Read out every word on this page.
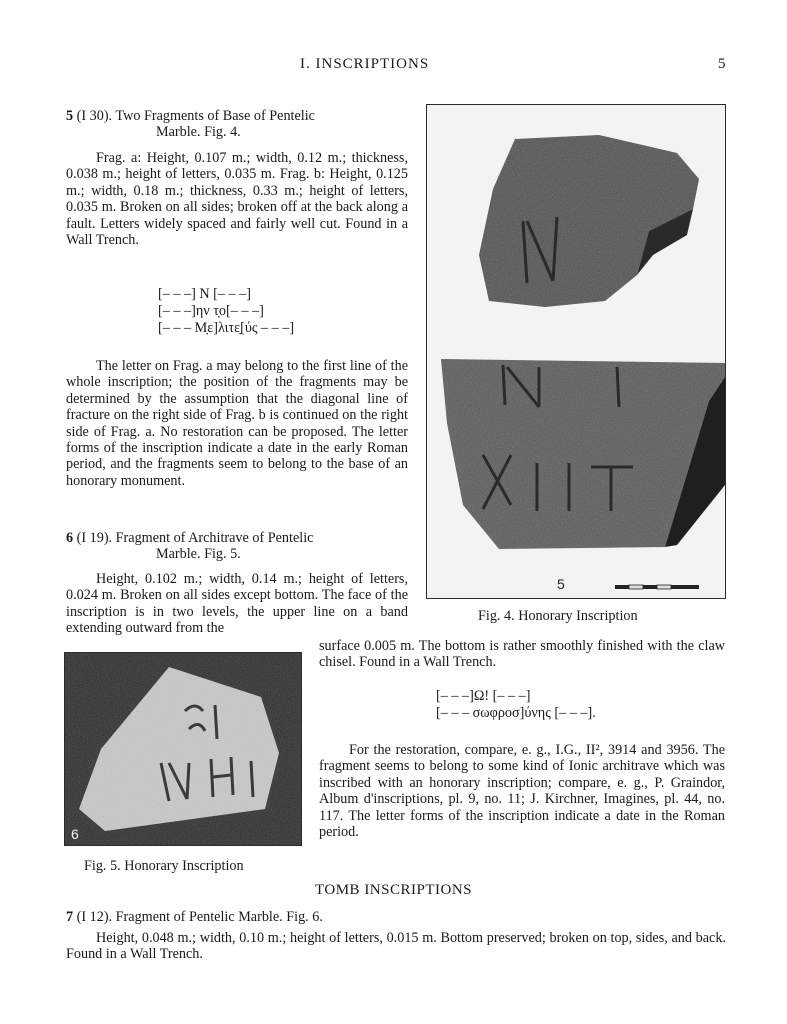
I. INSCRIPTIONS	5
5 (I 30). Two Fragments of Base of Pentelic
Marble. Fig. 4.
Frag. a: Height, 0.107 m.; width, 0.12 m.; thickness, 0.038 m.; height of letters, 0.035 m. Frag. b: Height, 0.125 m.; width, 0.18 m.; thickness, 0.33 m.; height of letters, 0.035 m. Broken on all sides; broken off at the back along a fault. Letters widely spaced and fairly well cut. Found in a Wall Trench.
[– – –] N [– – –]
[– – –]ην τ̣ο[– – –]
[– – – Μ̣ε]λιτε̣[ύς – – –]
The letter on Frag. a may belong to the first line of the whole inscription; the position of the fragments may be determined by the assumption that the diagonal line of fracture on the right side of Frag. b is continued on the right side of Frag. a. No restoration can be proposed. The letter forms of the inscription indicate a date in the early Roman period, and the fragments seem to belong to the base of an honorary monument.
6 (I 19). Fragment of Architrave of Pentelic
Marble. Fig. 5.
Height, 0.102 m.; width, 0.14 m.; height of letters, 0.024 m. Broken on all sides except bottom. The face of the inscription is in two levels, the upper line on a band extending outward from the
surface 0.005 m. The bottom is rather smoothly finished with the claw chisel. Found in a Wall Trench.
[– – –]Ω! [– – –]
[– – – σωφροσ]ύνης [– – –].
For the restoration, compare, e. g., I.G., II², 3914 and 3956. The fragment seems to belong to some kind of Ionic architrave which was inscribed with an honorary inscription; compare, e. g., P. Graindor, Album d'inscriptions, pl. 9, no. 11; J. Kirchner, Imagines, pl. 44, no. 117. The letter forms of the inscription indicate a date in the Roman period.
5
Fig. 4. Honorary Inscription
6
Fig. 5. Honorary Inscription
TOMB INSCRIPTIONS
7 (I 12). Fragment of Pentelic Marble. Fig. 6.
Height, 0.048 m.; width, 0.10 m.; height of letters, 0.015 m. Bottom preserved; broken on top, sides, and back. Found in a Wall Trench.
